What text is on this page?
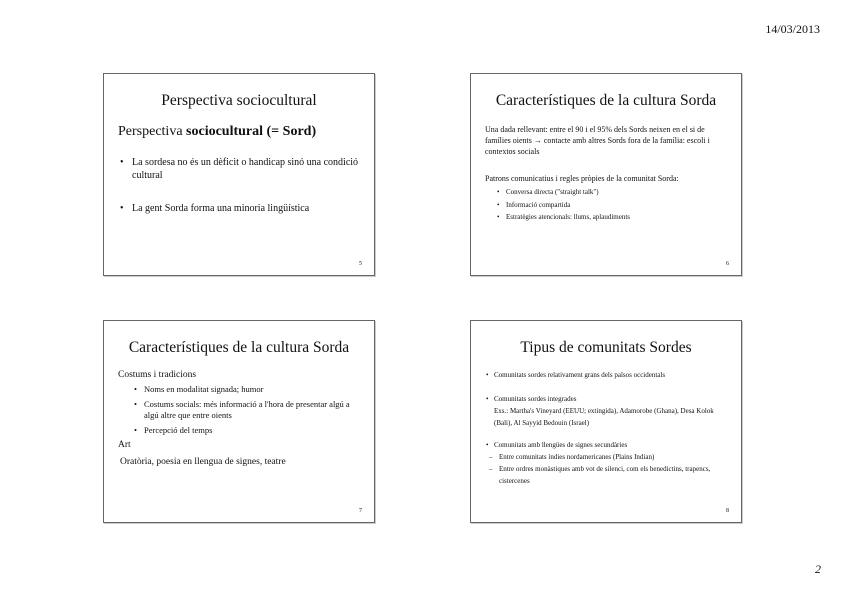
14/03/2013
Perspectiva sociocultural

Perspectiva sociocultural (= Sord)

• La sordesa no és un dèficit o handicap sinó una condició cultural
• La gent Sorda forma una minoria lingüística
5
Característiques de la cultura Sorda

Una dada rellevant: entre el 90 i el 95% dels Sords neixen en el si de famílies oients → contacte amb altres Sords fora de la família: escoli i contextos socials

Patrons comunicatius i regles pròpies de la comunitat Sorda:

• Conversa directa ("straight talk")
• Informació compartida
• Estratègies atencionals: llums, aplaudiments
6
Característiques de la cultura Sorda

Costums i tradicions

• Noms en modalitat signada; humor
• Costums socials: més informació a l'hora de presentar algú a algú altre que entre oients
• Percepció del temps

Art

Oratòria, poesia en llengua de signes, teatre

7
Tipus de comunitats Sordes
• Comunitats sordes relativament grans dels països occidentals
• Comunitats sordes integrades
Exs.: Martha's Vineyard (EEUU; extingida), Adamorobe (Ghana), Desa Kolok (Bali), Al Sayyid Bedouin (Israel)
• Comunitats amb llengües de signes secundàries
– Entre comunitats índies nordamericanes (Plains Indian)
– Entre ordres monàstiques amb vot de silenci, com els benedictins, trapencs, cistercenes
8
2
